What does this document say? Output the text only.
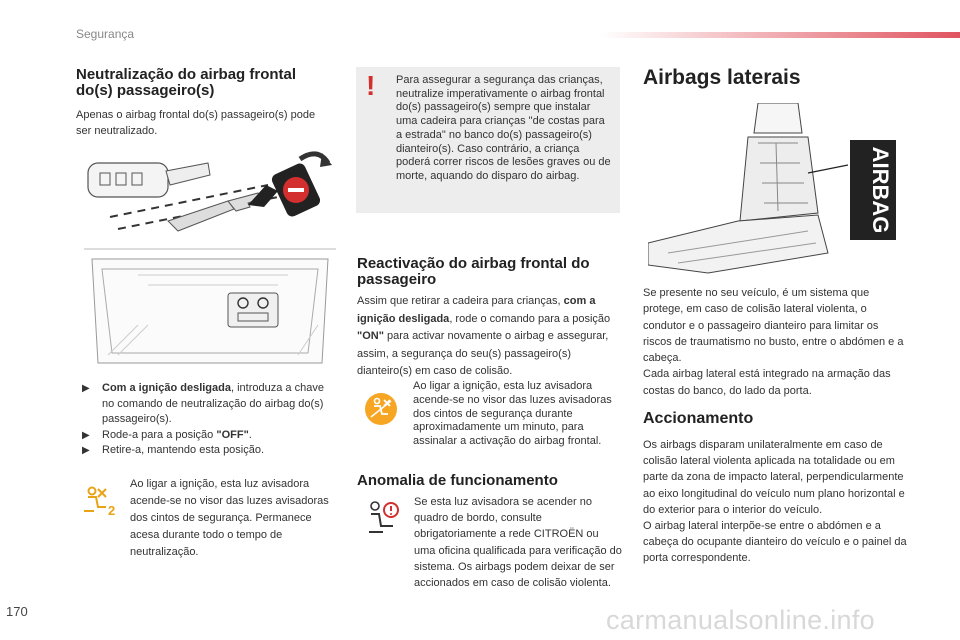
Segurança
Neutralização do airbag frontal do(s) passageiro(s)
Apenas o airbag frontal do(s) passageiro(s) pode ser neutralizado.
▶ Com a ignição desligada, introduza a chave no comando de neutralização do airbag do(s) passageiro(s).
▶ Rode-a para a posição "OFF".
▶ Retire-a, mantendo esta posição.
2
Ao ligar a ignição, esta luz avisadora acende-se no visor das luzes avisadoras dos cintos de segurança. Permanece acesa durante todo o tempo de neutralização.
! Para assegurar a segurança das crianças, neutralize imperativamente o airbag frontal do(s) passageiro(s) sempre que instalar uma cadeira para crianças "de costas para a estrada" no banco do(s) passageiro(s) dianteiro(s). Caso contrário, a criança poderá correr riscos de lesões graves ou de morte, aquando do disparo do airbag.
Reactivação do airbag frontal do passageiro
Assim que retirar a cadeira para crianças, com a ignição desligada, rode o comando para a posição "ON" para activar novamente o airbag e assegurar, assim, a segurança do seu(s) passageiro(s) dianteiro(s) em caso de colisão.
Ao ligar a ignição, esta luz avisadora acende-se no visor das luzes avisadoras dos cintos de segurança durante aproximadamente um minuto, para assinalar a activação do airbag frontal.
Anomalia de funcionamento
Se esta luz avisadora se acender no quadro de bordo, consulte obrigatoriamente a rede CITROËN ou uma oficina qualificada para verificação do sistema. Os airbags podem deixar de ser accionados em caso de colisão violenta.
Airbags laterais
AIRBAG
Se presente no seu veículo, é um sistema que protege, em caso de colisão lateral violenta, o condutor e o passageiro dianteiro para limitar os riscos de traumatismo no busto, entre o abdómen e a cabeça.
Cada airbag lateral está integrado na armação das costas do banco, do lado da porta.
Accionamento
Os airbags disparam unilateralmente em caso de colisão lateral violenta aplicada na totalidade ou em parte da zona de impacto lateral, perpendicularmente ao eixo longitudinal do veículo num plano horizontal e do exterior para o interior do veículo.
O airbag lateral interpõe-se entre o abdómen e a cabeça do ocupante dianteiro do veículo e o painel da porta correspondente.
170	carmanualsonline.info
